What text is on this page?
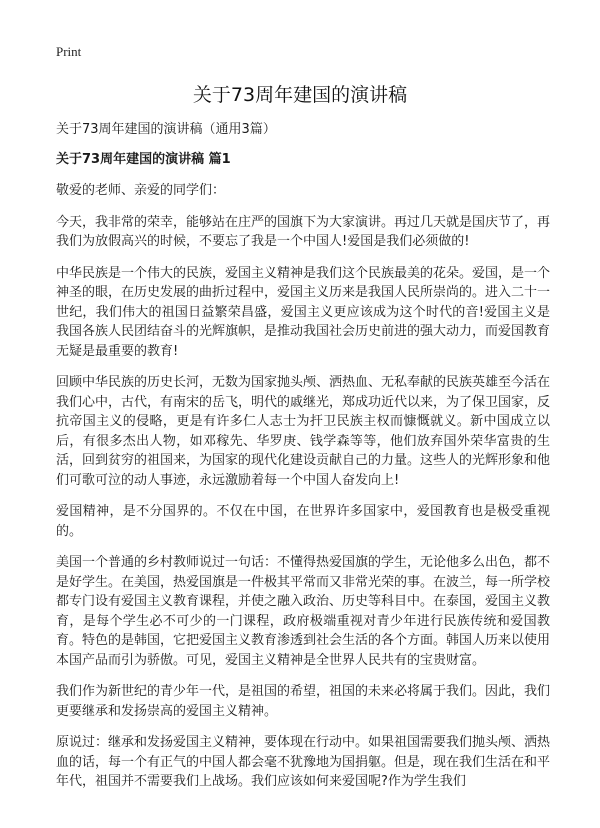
Print
关于73周年建国的演讲稿

关于73周年建国的演讲稿（通用3篇）

关于73周年建国的演讲稿 篇1

敬爱的老师、亲爱的同学们：

今天，我非常的荣幸，能够站在庄严的国旗下为大家演讲。再过几天就是国庆节了，再我们为放假高兴的时候，不要忘了我是一个中国人!爱国是我们必须做的!

中华民族是一个伟大的民族，爱国主义精神是我们这个民族最美的花朵。爱国，是一个神圣的眼，在历史发展的曲折过程中，爱国主义历来是我国人民所崇尚的。进入二十一世纪，我们伟大的祖国日益繁荣昌盛，爱国主义更应该成为这个时代的音!爱国主义是我国各族人民团结奋斗的光辉旗帜，是推动我国社会历史前进的强大动力，而爱国教育无疑是最重要的教育!

回顾中华民族的历史长河，无数为国家抛头颅、洒热血、无私奉献的民族英雄至今活在我们心中，古代，有南宋的岳飞，明代的戚继光，郑成功近代以来，为了保卫国家，反抗帝国主义的侵略，更是有许多仁人志士为扞卫民族主权而慷慨就义。新中国成立以后，有很多杰出人物，如邓稼先、华罗庚、钱学森等等，他们放弃国外荣华富贵的生活，回到贫穷的祖国来，为国家的现代化建设贡献自己的力量。这些人的光辉形象和他们可歌可泣的动人事迹，永远激励着每一个中国人奋发向上!

爱国精神，是不分国界的。不仅在中国，在世界许多国家中，爱国教育也是极受重视的。

美国一个普通的乡村教师说过一句话：不懂得热爱国旗的学生，无论他多么出色，都不是好学生。在美国，热爱国旗是一件极其平常而又非常光荣的事。在波兰，每一所学校都专门设有爱国主义教育课程，并使之融入政治、历史等科目中。在泰国，爱国主义教育，是每个学生必不可少的一门课程，政府极端重视对青少年进行民族传统和爱国教育。特色的是韩国，它把爱国主义教育渗透到社会生活的各个方面。韩国人历来以使用本国产品而引为骄傲。可见，爱国主义精神是全世界人民共有的宝贵财富。

我们作为新世纪的青少年一代，是祖国的希望，祖国的未来必将属于我们。因此，我们更要继承和发扬崇高的爱国主义精神。

原说过：继承和发扬爱国主义精神，要体现在行动中。如果祖国需要我们抛头颅、洒热血的话，每一个有正气的中国人都会毫不犹豫地为国捐躯。但是，现在我们生活在和平年代，祖国并不需要我们上战场。我们应该如何来爱国呢?作为学生我们
